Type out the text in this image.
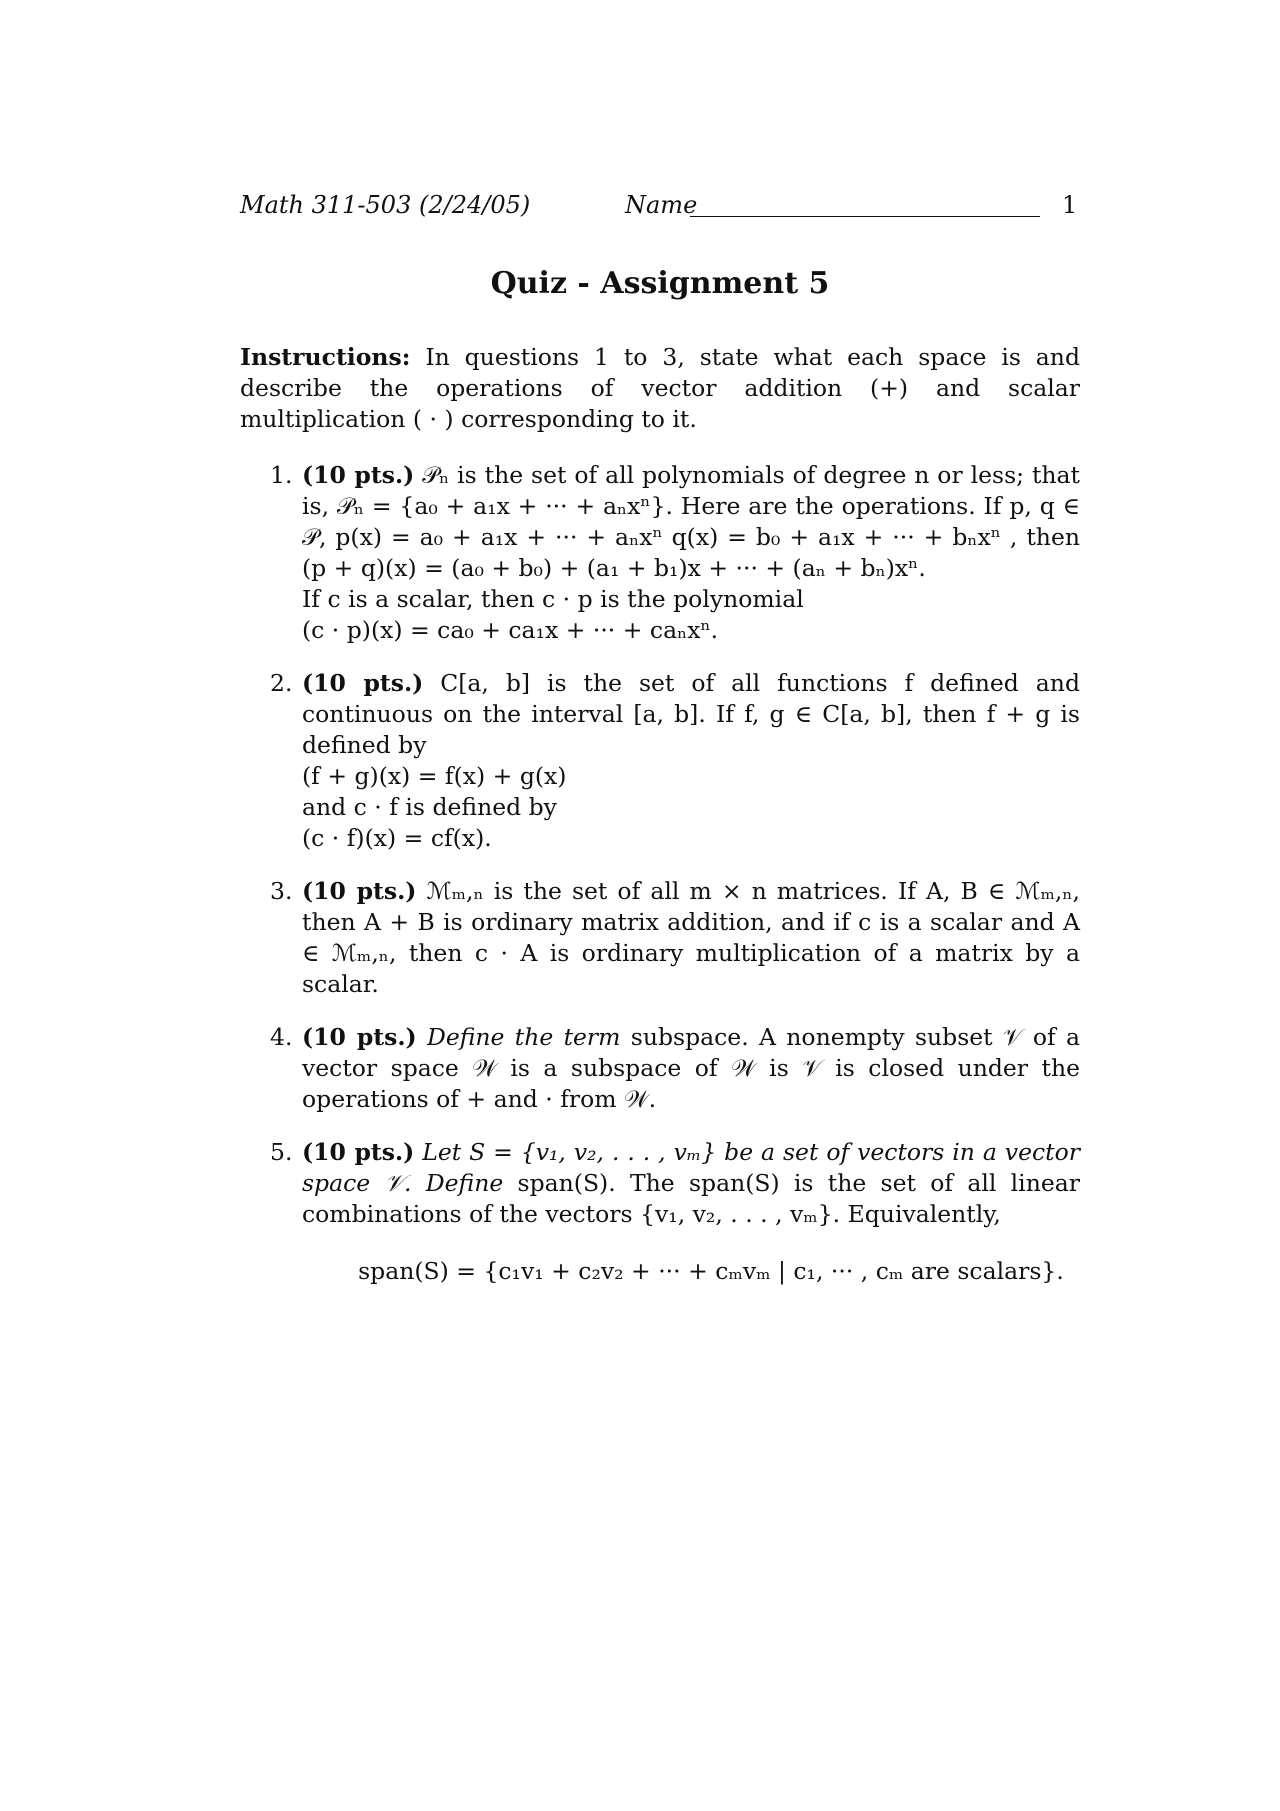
Math 311-503 (2/24/05)	Name	1
Quiz - Assignment 5
Instructions: In questions 1 to 3, state what each space is and describe the operations of vector addition (+) and scalar multiplication ( · ) corresponding to it.
1. (10 pts.) 𝒫ₙ is the set of all polynomials of degree n or less; that is, 𝒫ₙ = {a₀ + a₁x + ··· + aₙxⁿ}. Here are the operations. If p, q ∈ 𝒫, p(x) = a₀ + a₁x + ··· + aₙxⁿ q(x) = b₀ + a₁x + ··· + bₙxⁿ , then (p + q)(x) = (a₀ + b₀) + (a₁ + b₁)x + ··· + (aₙ + bₙ)xⁿ.
If c is a scalar, then c · p is the polynomial
(c · p)(x) = ca₀ + ca₁x + ··· + caₙxⁿ.
2. (10 pts.) C[a, b] is the set of all functions f defined and continuous on the interval [a, b]. If f, g ∈ C[a, b], then f + g is defined by
(f + g)(x) = f(x) + g(x)
and c · f is defined by
(c · f)(x) = cf(x).
3. (10 pts.) ℳₘ,ₙ is the set of all m × n matrices. If A, B ∈ ℳₘ,ₙ, then A + B is ordinary matrix addition, and if c is a scalar and A ∈ ℳₘ,ₙ, then c · A is ordinary multiplication of a matrix by a scalar.
4. (10 pts.) Define the term subspace. A nonempty subset 𝒱 of a vector space 𝒲 is a subspace of 𝒲 is 𝒱 is closed under the operations of + and · from 𝒲.
5. (10 pts.) Let S = {v₁, v₂, . . . , vₘ} be a set of vectors in a vector space 𝒱. Define span(S). The span(S) is the set of all linear combinations of the vectors {v₁, v₂, . . . , vₘ}. Equivalently,
span(S) = {c₁v₁ + c₂v₂ + ··· + cₘvₘ | c₁, ··· , cₘ are scalars}.
